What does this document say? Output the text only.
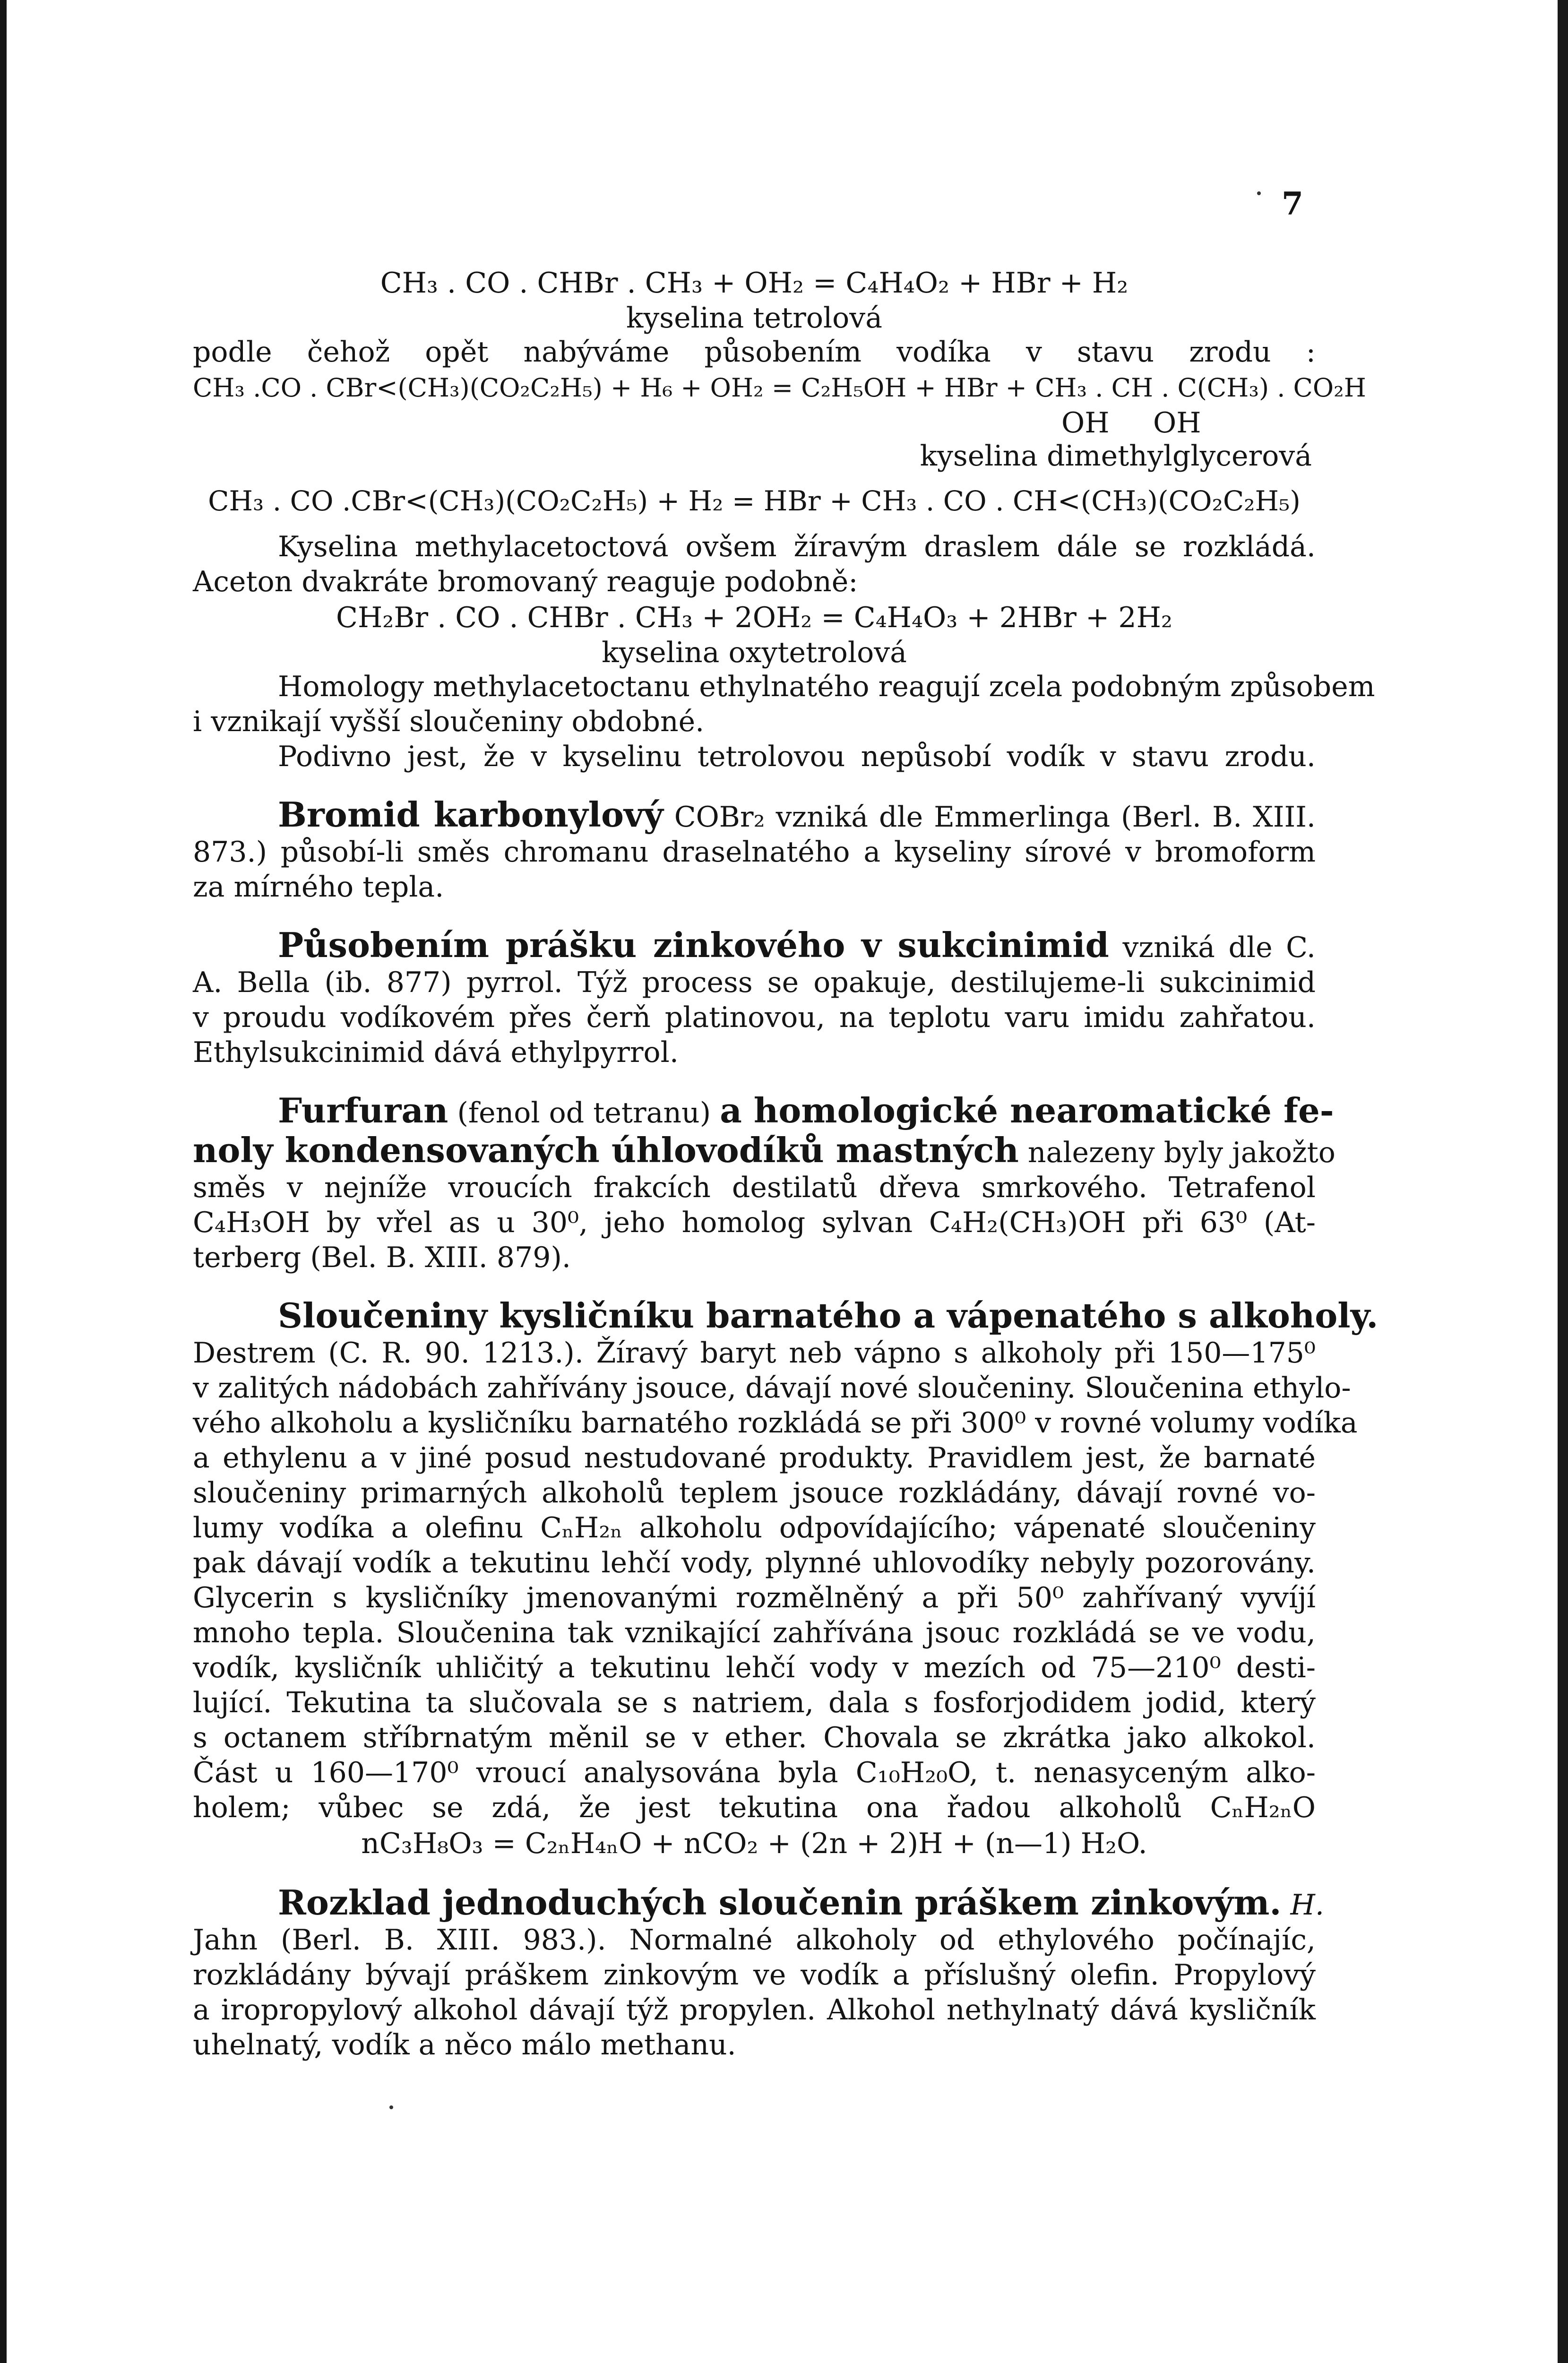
7
CH₃ . CO . CHBr . CH₃ + OH₂ = C₄H₄O₂ + HBr + H₂
kyselina tetrolová
podle čehož opět nabýváme působením vodíka v stavu zrodu :
CH₃ .CO . CBr<(CH₃)(CO₂C₂H₅) + H₆ + OH₂ = C₂H₅OH + HBr + CH₃ . CH . C(CH₃) . CO₂H
OH OH
kyselina dimethylglycerová
CH₃ . CO .CBr<(CH₃)(CO₂C₂H₅) + H₂ = HBr + CH₃ . CO . CH<(CH₃)(CO₂C₂H₅)
Kyselina methylacetoctová ovšem žíravým draslem dále se rozkládá.
Aceton dvakráte bromovaný reaguje podobně:
CH₂Br . CO . CHBr . CH₃ + 2OH₂ = C₄H₄O₃ + 2HBr + 2H₂
kyselina oxytetrolová
Homology methylacetoctanu ethylnatého reagují zcela podobným způsobem
i vznikají vyšší sloučeniny obdobné.
Podivno jest, že v kyselinu tetrolovou nepůsobí vodík v stavu zrodu.
Bromid karbonylový COBr₂ vzniká dle Emmerlinga (Berl. B. XIII.
873.) působí-li směs chromanu draselnatého a kyseliny sírové v bromoform
za mírného tepla.
Působením prášku zinkového v sukcinimid vzniká dle C.
A. Bella (ib. 877) pyrrol. Týž process se opakuje, destilujeme-li sukcinimid
v proudu vodíkovém přes čerň platinovou, na teplotu varu imidu zahřatou.
Ethylsukcinimid dává ethylpyrrol.
Furfuran (fenol od tetranu) a homologické nearomatické fe-
noly kondensovaných úhlovodíků mastných nalezeny byly jakožto
směs v nejníže vroucích frakcích destilatů dřeva smrkového. Tetrafenol
C₄H₃OH by vřel as u 30⁰, jeho homolog sylvan C₄H₂(CH₃)OH při 63⁰ (At-
terberg (Bel. B. XIII. 879).
Sloučeniny kysličníku barnatého a vápenatého s alkoholy.
Destrem (C. R. 90. 1213.). Žíravý baryt neb vápno s alkoholy při 150—175⁰
v zalitých nádobách zahřívány jsouce, dávají nové sloučeniny. Sloučenina ethylo-
vého alkoholu a kysličníku barnatého rozkládá se při 300⁰ v rovné volumy vodíka
a ethylenu a v jiné posud nestudované produkty. Pravidlem jest, že barnaté
sloučeniny primarných alkoholů teplem jsouce rozkládány, dávají rovné vo-
lumy vodíka a olefinu CₙH₂ₙ alkoholu odpovídajícího; vápenaté sloučeniny
pak dávají vodík a tekutinu lehčí vody, plynné uhlovodíky nebyly pozorovány.
Glycerin s kysličníky jmenovanými rozmělněný a při 50⁰ zahřívaný vyvíjí
mnoho tepla. Sloučenina tak vznikající zahřívána jsouc rozkládá se ve vodu,
vodík, kysličník uhličitý a tekutinu lehčí vody v mezích od 75—210⁰ desti-
lující. Tekutina ta slučovala se s natriem, dala s fosforjodidem jodid, který
s octanem stříbrnatým měnil se v ether. Chovala se zkrátka jako alkokol.
Část u 160—170⁰ vroucí analysována byla C₁₀H₂₀O, t. nenasyceným alko-
holem; vůbec se zdá, že jest tekutina ona řadou alkoholů CₙH₂ₙO
nC₃H₈O₃ = C₂ₙH₄ₙO + nCO₂ + (2n + 2)H + (n—1) H₂O.
Rozklad jednoduchých sloučenin práškem zinkovým. H.
Jahn (Berl. B. XIII. 983.). Normalné alkoholy od ethylového počínajíc,
rozkládány bývají práškem zinkovým ve vodík a příslušný olefin. Propylový
a iropropylový alkohol dávají týž propylen. Alkohol nethylnatý dává kysličník
uhelnatý, vodík a něco málo methanu.
